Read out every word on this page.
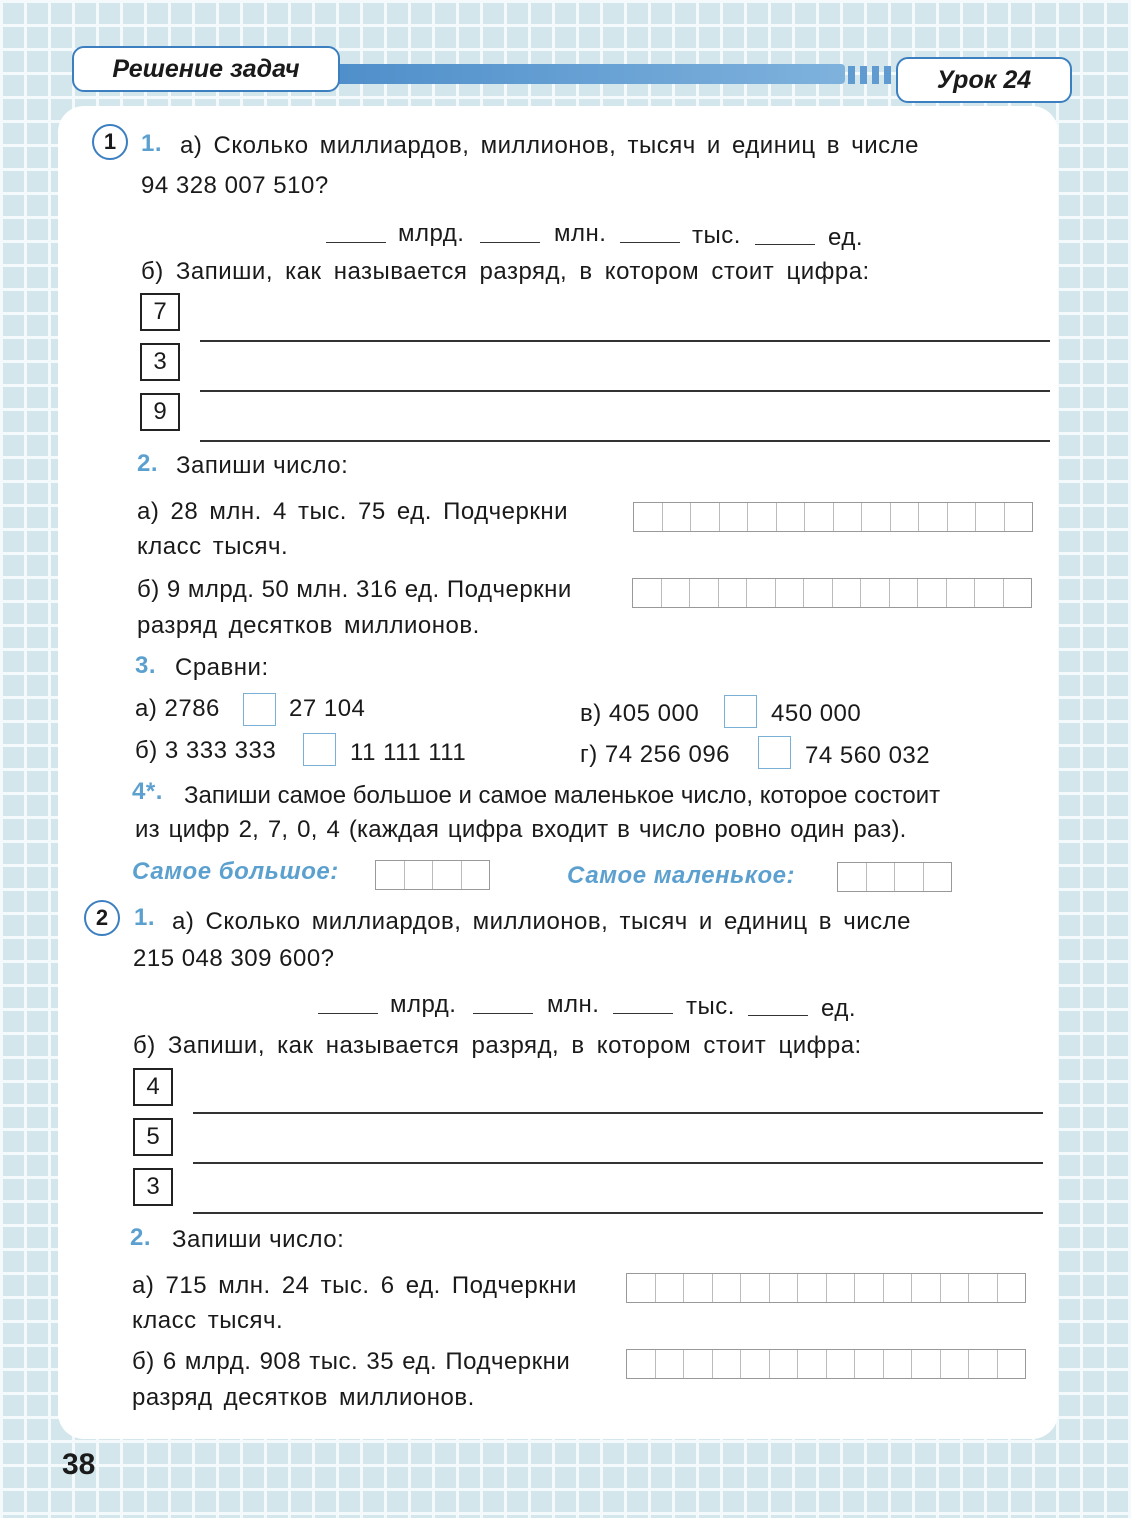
Решение задач	Урок 24
1	1. а) Сколько миллиардов, миллионов, тысяч и единиц в числе
94 328 007 510?
млрд.	млн.	тыс.	ед.
б) Запиши, как называется разряд, в котором стоит цифра:
7
3
9
2. Запиши число:
а) 28 млн. 4 тыс. 75 ед. Подчеркни
класс тысяч.
б) 9 млрд. 50 млн. 316 ед. Подчеркни
разряд десятков миллионов.
3. Сравни:
а) 2786	27 104	в) 405 000	450 000
б) 3 333 333	11 111 111	г) 74 256 096	74 560 032
4*. Запиши самое большое и самое маленькое число, которое состоит
из цифр 2, 7, 0, 4 (каждая цифра входит в число ровно один раз).
Самое большое:	Самое маленькое:
2	1. а) Сколько миллиардов, миллионов, тысяч и единиц в числе
215 048 309 600?
млрд.	млн.	тыс.	ед.
б) Запиши, как называется разряд, в котором стоит цифра:
4
5
3
2. Запиши число:
а) 715 млн. 24 тыс. 6 ед. Подчеркни
класс тысяч.
б) 6 млрд. 908 тыс. 35 ед. Подчеркни
разряд десятков миллионов.
38
